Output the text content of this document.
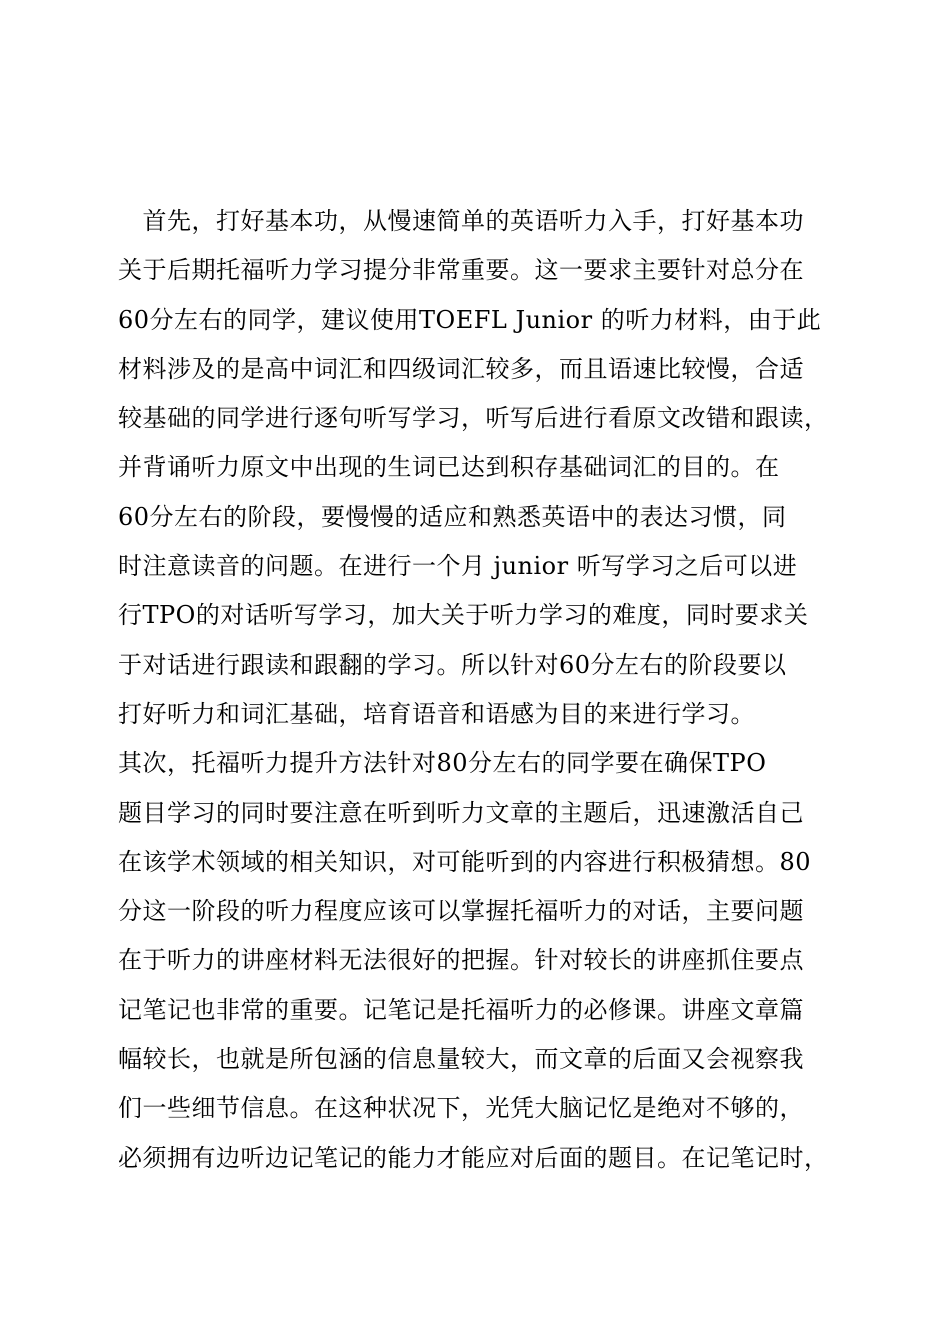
　首先，打好基本功，从慢速简单的英语听力入手，打好基本功
关于后期托福听力学习提分非常重要。这一要求主要针对总分在
60分左右的同学，建议使用TOEFL Junior 的听力材料，由于此
材料涉及的是高中词汇和四级词汇较多，而且语速比较慢，合适
较基础的同学进行逐句听写学习，听写后进行看原文改错和跟读，
并背诵听力原文中出现的生词已达到积存基础词汇的目的。在
60分左右的阶段，要慢慢的适应和熟悉英语中的表达习惯，同
时注意读音的问题。在进行一个月 junior 听写学习之后可以进
行TPO的对话听写学习，加大关于听力学习的难度，同时要求关
于对话进行跟读和跟翻的学习。所以针对60分左右的阶段要以
打好听力和词汇基础，培育语音和语感为目的来进行学习。
其次，托福听力提升方法针对80分左右的同学要在确保TPO
题目学习的同时要注意在听到听力文章的主题后，迅速激活自己
在该学术领域的相关知识，对可能听到的内容进行积极猜想。80
分这一阶段的听力程度应该可以掌握托福听力的对话，主要问题
在于听力的讲座材料无法很好的把握。针对较长的讲座抓住要点
记笔记也非常的重要。记笔记是托福听力的必修课。讲座文章篇
幅较长，也就是所包涵的信息量较大，而文章的后面又会视察我
们一些细节信息。在这种状况下，光凭大脑记忆是绝对不够的，
必须拥有边听边记笔记的能力才能应对后面的题目。在记笔记时，
